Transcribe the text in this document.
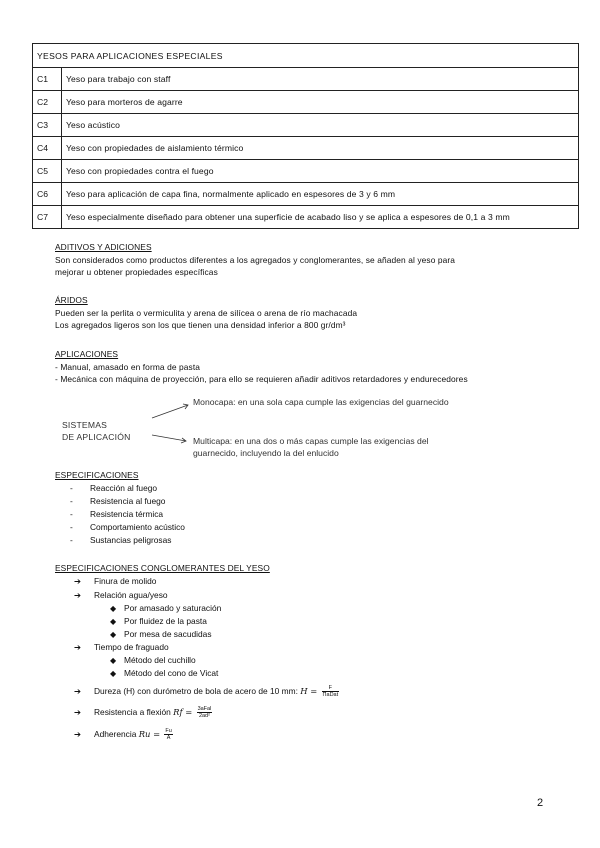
YESOS PARA APLICACIONES ESPECIALES	
C1	Yeso para trabajo con staff
C2	Yeso para morteros de agarre
C3	Yeso acústico
C4	Yeso con propiedades de aislamiento térmico
C5	Yeso con propiedades contra el fuego
C6	Yeso para aplicación de capa fina, normalmente aplicado en espesores de 3 y 6 mm
C7	Yeso especialmente diseñado para obtener una superficie de acabado liso y se aplica a espesores de 0,1 a 3 mm

ADITIVOS Y ADICIONES

Son considerados como productos diferentes a los agregados y conglomerantes, se añaden al yeso para

mejorar u obtener propiedades específicas

ÁRIDOS

Pueden ser la perlita o vermiculita y arena de silícea o arena de río machacada

Los agregados ligeros son los que tienen una densidad inferior a 800 gr/dm³

APLICACIONES

- Manual, amasado en forma de pasta

- Mecánica con máquina de proyección, para ello se requieren añadir aditivos retardadores y endurecedores

SISTEMAS
DE APLICACIÓN
Monocapa: en una sola capa cumple las exigencias del guarnecido
Multicapa: en una dos o más capas cumple las exigencias del
guarnecido, incluyendo la del enlucido

ESPECIFICACIONES

- Reacción al fuego
- Resistencia al fuego
- Resistencia térmica
- Comportamiento acústico
- Sustancias peligrosas

ESPECIFICACIONES CONGLOMERANTES DEL YESO

➔ Finura de molido
➔ Relación agua/yeso
◆ Por amasado y saturación
◆ Por fluidez de la pasta
◆ Por mesa de sacudidas
➔ Tiempo de fraguado
◆ Método del cuchillo
◆ Método del cono de Vicat
➔ Dureza (H) con durómetro de bola de acero de 10 mm: $H = \frac{F}{\text{ΠaDat}}$
➔ Resistencia a flexión $Rf = \frac{\text{3aFal}}{\text{2ad²}}$
➔ Adherencia $Ru = \frac{Fu}{A}$
2
